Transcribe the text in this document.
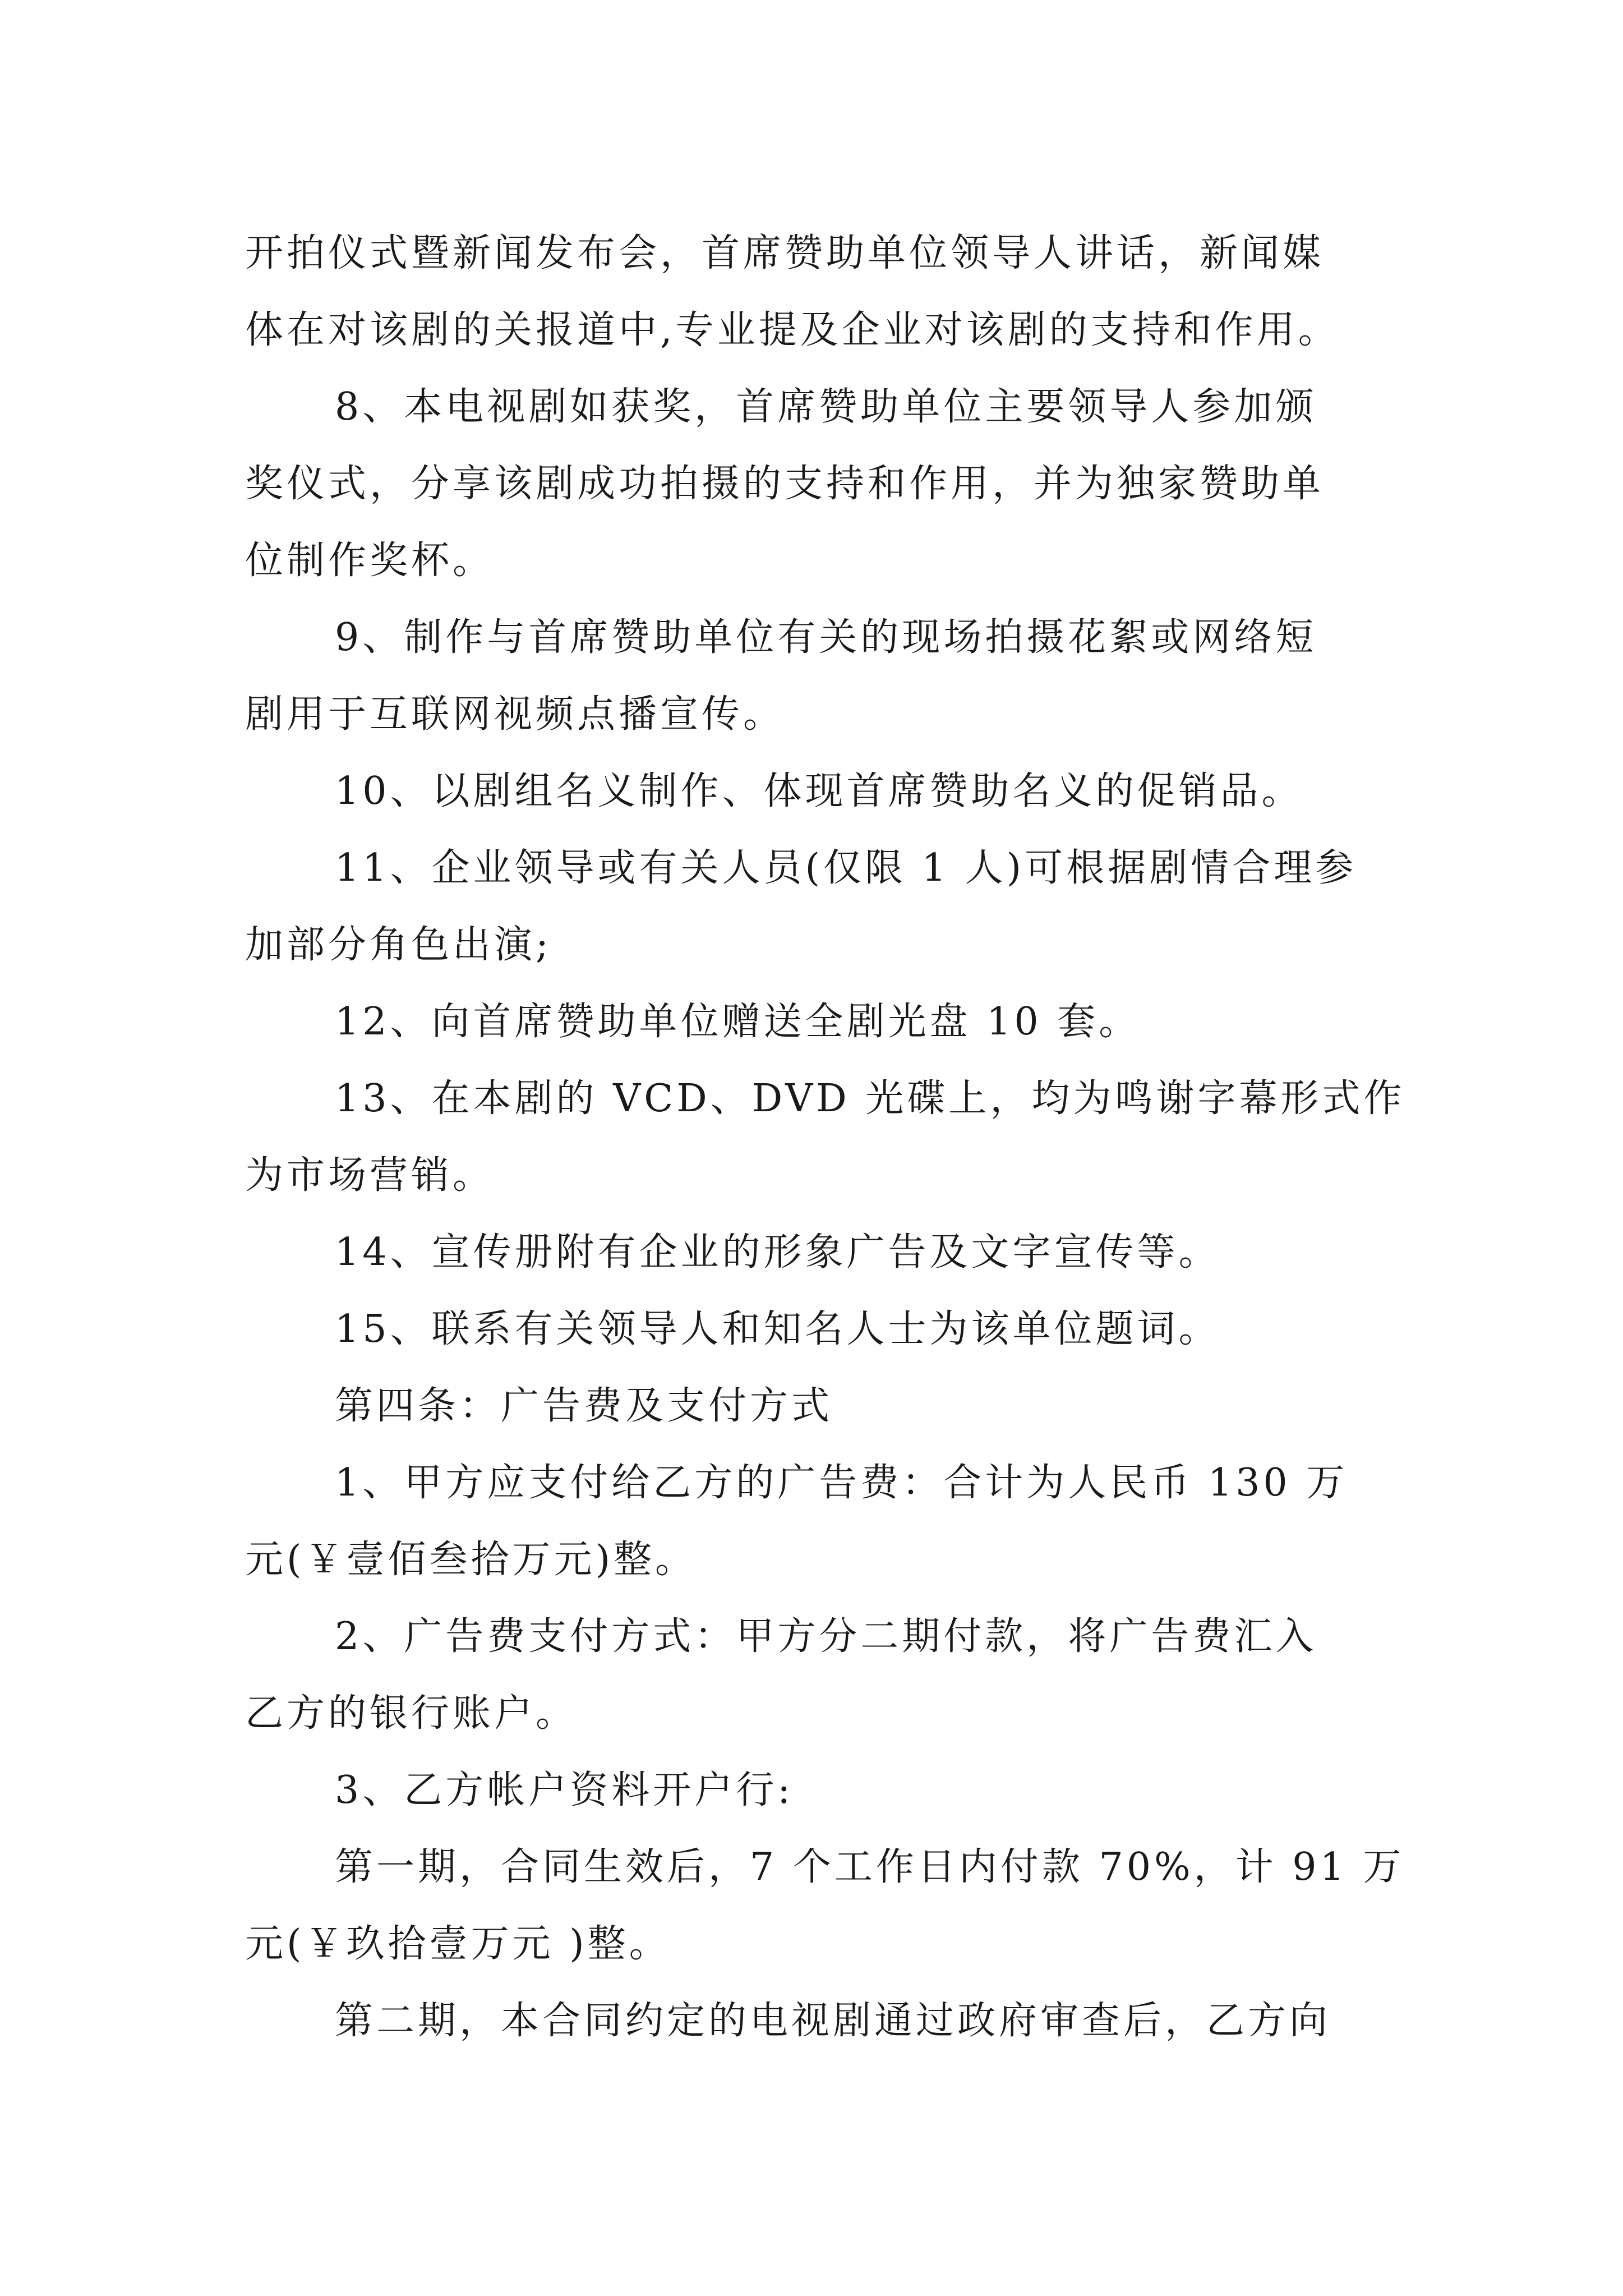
开拍仪式暨新闻发布会，首席赞助单位领导人讲话，新闻媒

体在对该剧的关报道中,专业提及企业对该剧的支持和作用。

8、本电视剧如获奖，首席赞助单位主要领导人参加颁

奖仪式，分享该剧成功拍摄的支持和作用，并为独家赞助单

位制作奖杯。

9、制作与首席赞助单位有关的现场拍摄花絮或网络短

剧用于互联网视频点播宣传。

10、以剧组名义制作、体现首席赞助名义的促销品。

11、企业领导或有关人员(仅限 1 人)可根据剧情合理参

加部分角色出演;

12、向首席赞助单位赠送全剧光盘 10 套。

13、在本剧的 VCD、DVD 光碟上，均为鸣谢字幕形式作

为市场营销。

14、宣传册附有企业的形象广告及文字宣传等。

15、联系有关领导人和知名人士为该单位题词。

第四条：广告费及支付方式

1、甲方应支付给乙方的广告费：合计为人民币 130 万

元(￥壹佰叁拾万元)整。

2、广告费支付方式：甲方分二期付款，将广告费汇入

乙方的银行账户。

3、乙方帐户资料开户行:

第一期，合同生效后，7 个工作日内付款 70%，计 91 万

元(￥玖拾壹万元 )整。

第二期，本合同约定的电视剧通过政府审查后，乙方向
